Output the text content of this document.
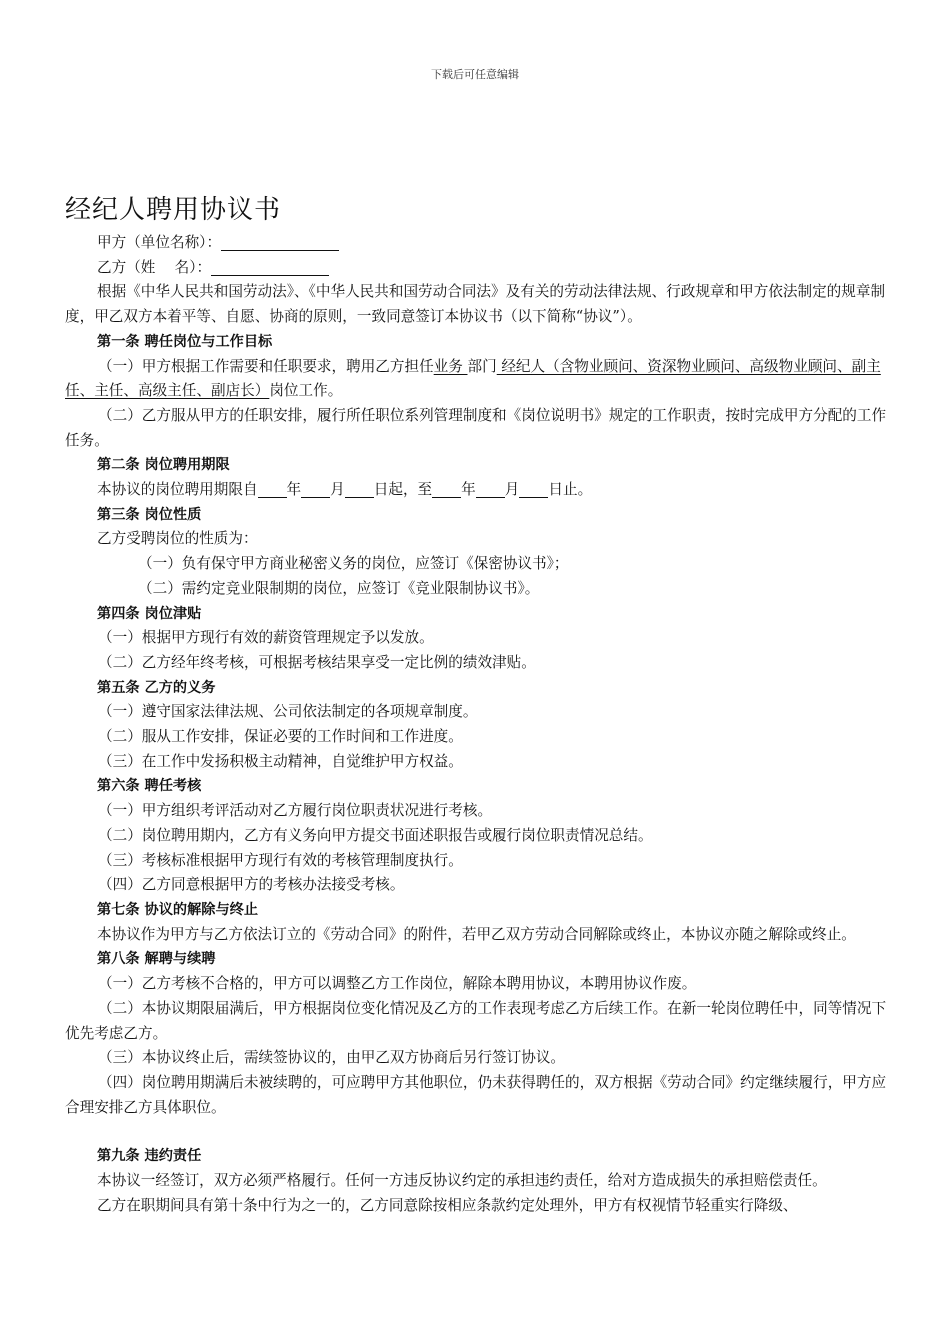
下载后可任意编辑
经纪人聘用协议书

甲方（单位名称）：

乙方（姓　 名）：

根据《中华人民共和国劳动法》、《中华人民共和国劳动合同法》及有关的劳动法律法规、行政规章和甲方依法制定的规章制度，甲乙双方本着平等、自愿、协商的原则，一致同意签订本协议书（以下简称“协议”）。

第一条 聘任岗位与工作目标

（一）甲方根据工作需要和任职要求，聘用乙方担任业务 部门 经纪人（含物业顾问、资深物业顾问、高级物业顾问、副主任、主任、高级主任、副店长）岗位工作。

（二）乙方服从甲方的任职安排，履行所任职位系列管理制度和《岗位说明书》规定的工作职责，按时完成甲方分配的工作任务。

第二条 岗位聘用期限

本协议的岗位聘用期限自 年 月 日起，至 年 月 日止。

第三条 岗位性质

乙方受聘岗位的性质为：

（一）负有保守甲方商业秘密义务的岗位，应签订《保密协议书》；

（二）需约定竞业限制期的岗位，应签订《竞业限制协议书》。

第四条 岗位津贴

（一）根据甲方现行有效的薪资管理规定予以发放。

（二）乙方经年终考核，可根据考核结果享受一定比例的绩效津贴。

第五条 乙方的义务

（一）遵守国家法律法规、公司依法制定的各项规章制度。

（二）服从工作安排，保证必要的工作时间和工作进度。

（三）在工作中发扬积极主动精神，自觉维护甲方权益。

第六条 聘任考核

（一）甲方组织考评活动对乙方履行岗位职责状况进行考核。

（二）岗位聘用期内，乙方有义务向甲方提交书面述职报告或履行岗位职责情况总结。

（三）考核标准根据甲方现行有效的考核管理制度执行。

（四）乙方同意根据甲方的考核办法接受考核。

第七条 协议的解除与终止

本协议作为甲方与乙方依法订立的《劳动合同》的附件，若甲乙双方劳动合同解除或终止，本协议亦随之解除或终止。

第八条 解聘与续聘

（一）乙方考核不合格的，甲方可以调整乙方工作岗位，解除本聘用协议，本聘用协议作废。

（二）本协议期限届满后，甲方根据岗位变化情况及乙方的工作表现考虑乙方后续工作。在新一轮岗位聘任中，同等情况下优先考虑乙方。

（三）本协议终止后，需续签协议的，由甲乙双方协商后另行签订协议。

（四）岗位聘用期满后未被续聘的，可应聘甲方其他职位，仍未获得聘任的，双方根据《劳动合同》约定继续履行，甲方应合理安排乙方具体职位。

第九条 违约责任

本协议一经签订，双方必须严格履行。任何一方违反协议约定的承担违约责任，给对方造成损失的承担赔偿责任。

乙方在职期间具有第十条中行为之一的，乙方同意除按相应条款约定处理外，甲方有权视情节轻重实行降级、
